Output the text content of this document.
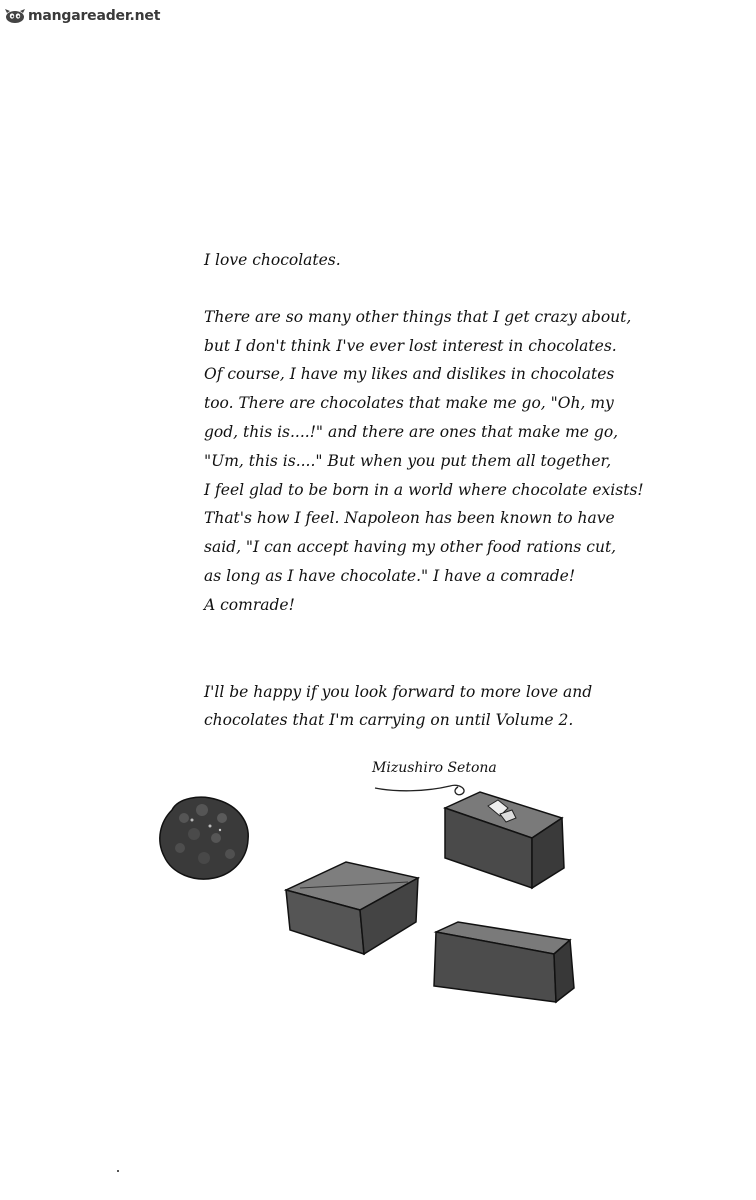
mangareader.net

I love chocolates.

There are so many other things that I get crazy about,
but I don't think I've ever lost interest in chocolates.
Of course, I have my likes and dislikes in chocolates
too. There are chocolates that make me go, "Oh, my
god, this is....!" and there are ones that make me go,
"Um, this is...." But when you put them all together,
I feel glad to be born in a world where chocolate exists!
That's how I feel. Napoleon has been known to have
said, "I can accept having my other food rations cut,
as long as I have chocolate." I have a comrade!
A comrade!
I'll be happy if you look forward to more love and
chocolates that I'm carrying on until Volume 2.
Mizushiro Setona
